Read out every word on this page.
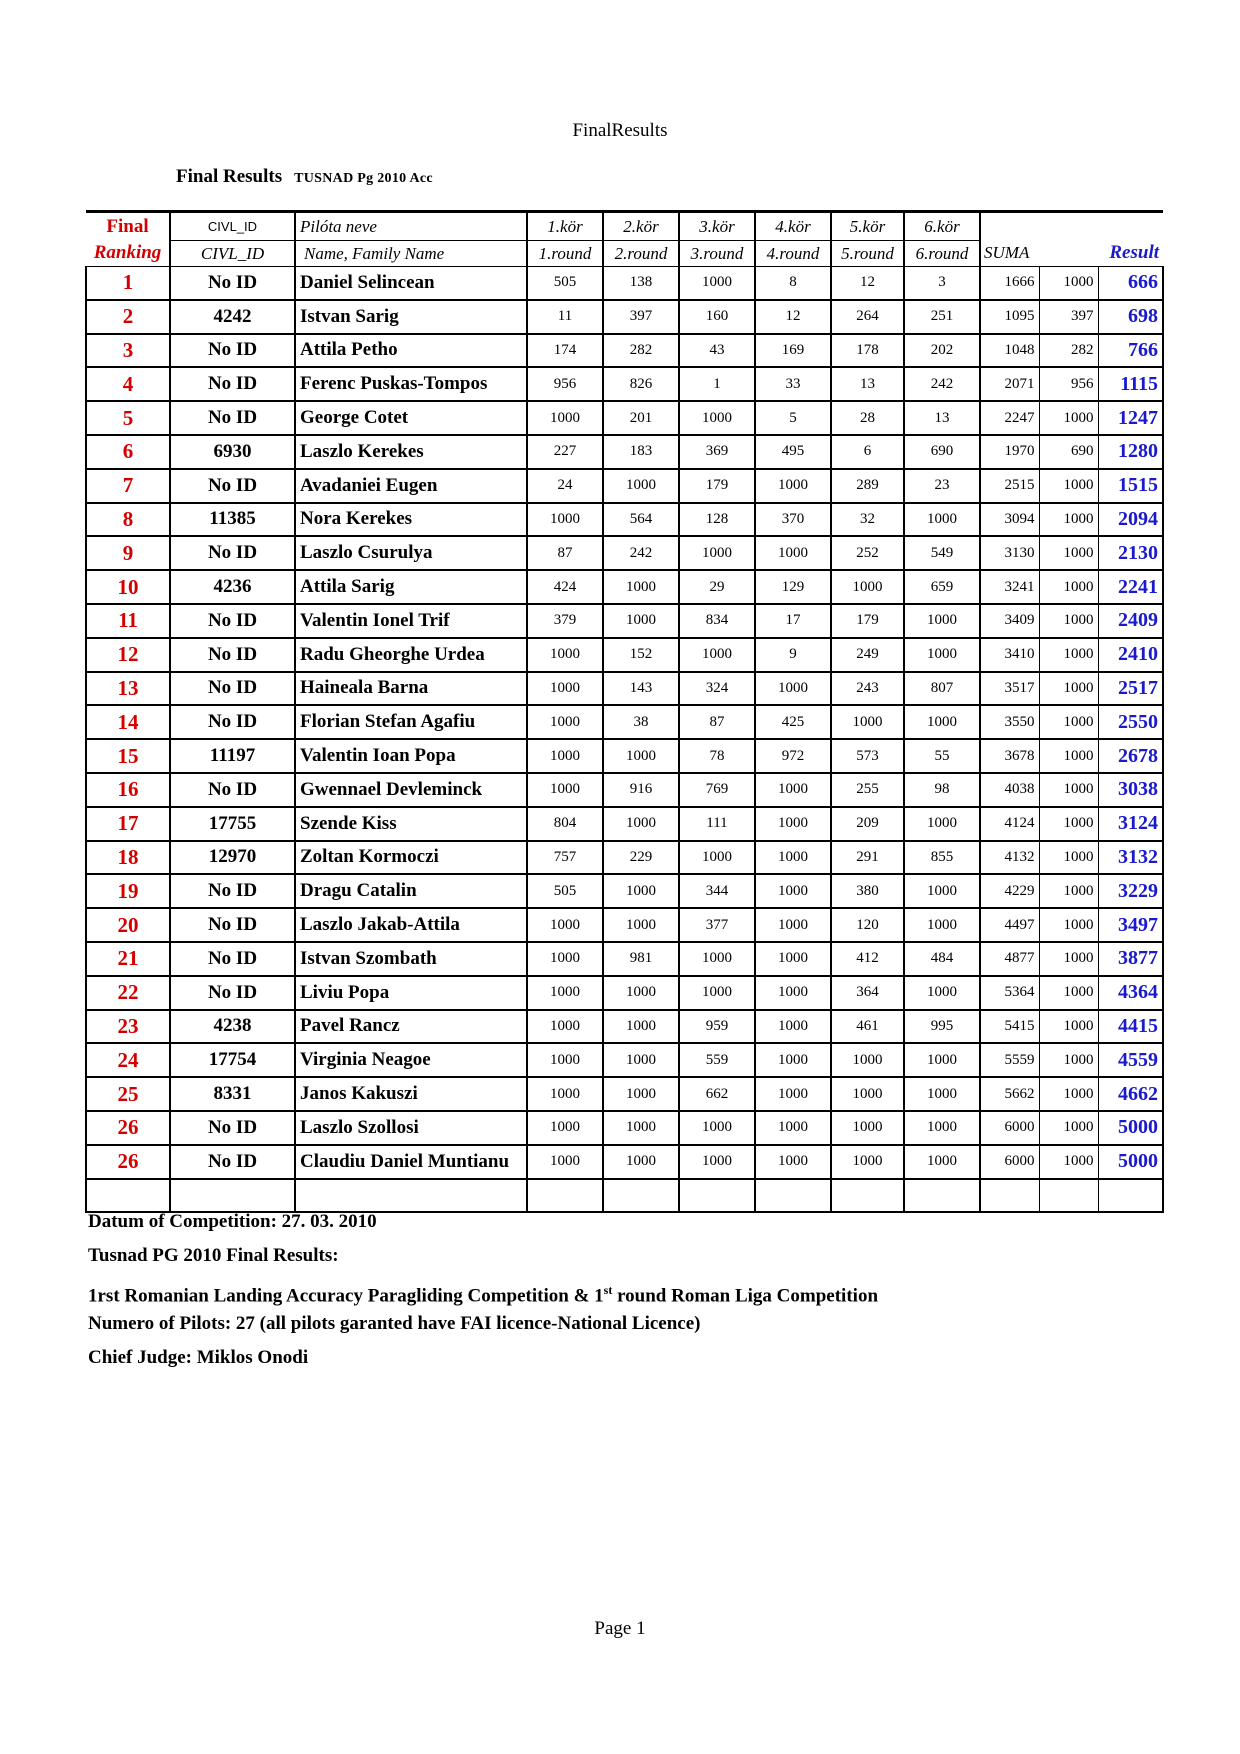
FinalResults
Final Results TUSNAD Pg 2010 Acc
Final	CIVL_ID	Pilóta neve	1.kör	2.kör	3.kör	4.kör	5.kör	6.kör			
Ranking	CIVL_ID	Name, Family Name	1.round	2.round	3.round	4.round	5.round	6.round	SUMA		Result
1	No ID	Daniel Selincean	505	138	1000	8	12	3	1666	1000	666
2	4242	Istvan Sarig	11	397	160	12	264	251	1095	397	698
3	No ID	Attila Petho	174	282	43	169	178	202	1048	282	766
4	No ID	Ferenc Puskas-Tompos	956	826	1	33	13	242	2071	956	1115
5	No ID	George Cotet	1000	201	1000	5	28	13	2247	1000	1247
6	6930	Laszlo Kerekes	227	183	369	495	6	690	1970	690	1280
7	No ID	Avadaniei Eugen	24	1000	179	1000	289	23	2515	1000	1515
8	11385	Nora Kerekes	1000	564	128	370	32	1000	3094	1000	2094
9	No ID	Laszlo Csurulya	87	242	1000	1000	252	549	3130	1000	2130
10	4236	Attila Sarig	424	1000	29	129	1000	659	3241	1000	2241
11	No ID	Valentin Ionel Trif	379	1000	834	17	179	1000	3409	1000	2409
12	No ID	Radu Gheorghe Urdea	1000	152	1000	9	249	1000	3410	1000	2410
13	No ID	Haineala Barna	1000	143	324	1000	243	807	3517	1000	2517
14	No ID	Florian Stefan Agafiu	1000	38	87	425	1000	1000	3550	1000	2550
15	11197	Valentin Ioan Popa	1000	1000	78	972	573	55	3678	1000	2678
16	No ID	Gwennael Devleminck	1000	916	769	1000	255	98	4038	1000	3038
17	17755	Szende Kiss	804	1000	111	1000	209	1000	4124	1000	3124
18	12970	Zoltan Kormoczi	757	229	1000	1000	291	855	4132	1000	3132
19	No ID	Dragu Catalin	505	1000	344	1000	380	1000	4229	1000	3229
20	No ID	Laszlo Jakab-Attila	1000	1000	377	1000	120	1000	4497	1000	3497
21	No ID	Istvan Szombath	1000	981	1000	1000	412	484	4877	1000	3877
22	No ID	Liviu Popa	1000	1000	1000	1000	364	1000	5364	1000	4364
23	4238	Pavel Rancz	1000	1000	959	1000	461	995	5415	1000	4415
24	17754	Virginia Neagoe	1000	1000	559	1000	1000	1000	5559	1000	4559
25	8331	Janos Kakuszi	1000	1000	662	1000	1000	1000	5662	1000	4662
26	No ID	Laszlo Szollosi	1000	1000	1000	1000	1000	1000	6000	1000	5000
26	No ID	Claudiu Daniel Muntianu	1000	1000	1000	1000	1000	1000	6000	1000	5000

Datum of Competition: 27. 03. 2010
Tusnad PG 2010 Final Results:
1rst Romanian Landing Accuracy Paragliding Competition & 1st round Roman Liga Competition
Numero of Pilots: 27 (all pilots garanted have FAI licence-National Licence)
Chief Judge: Miklos Onodi
Page 1
